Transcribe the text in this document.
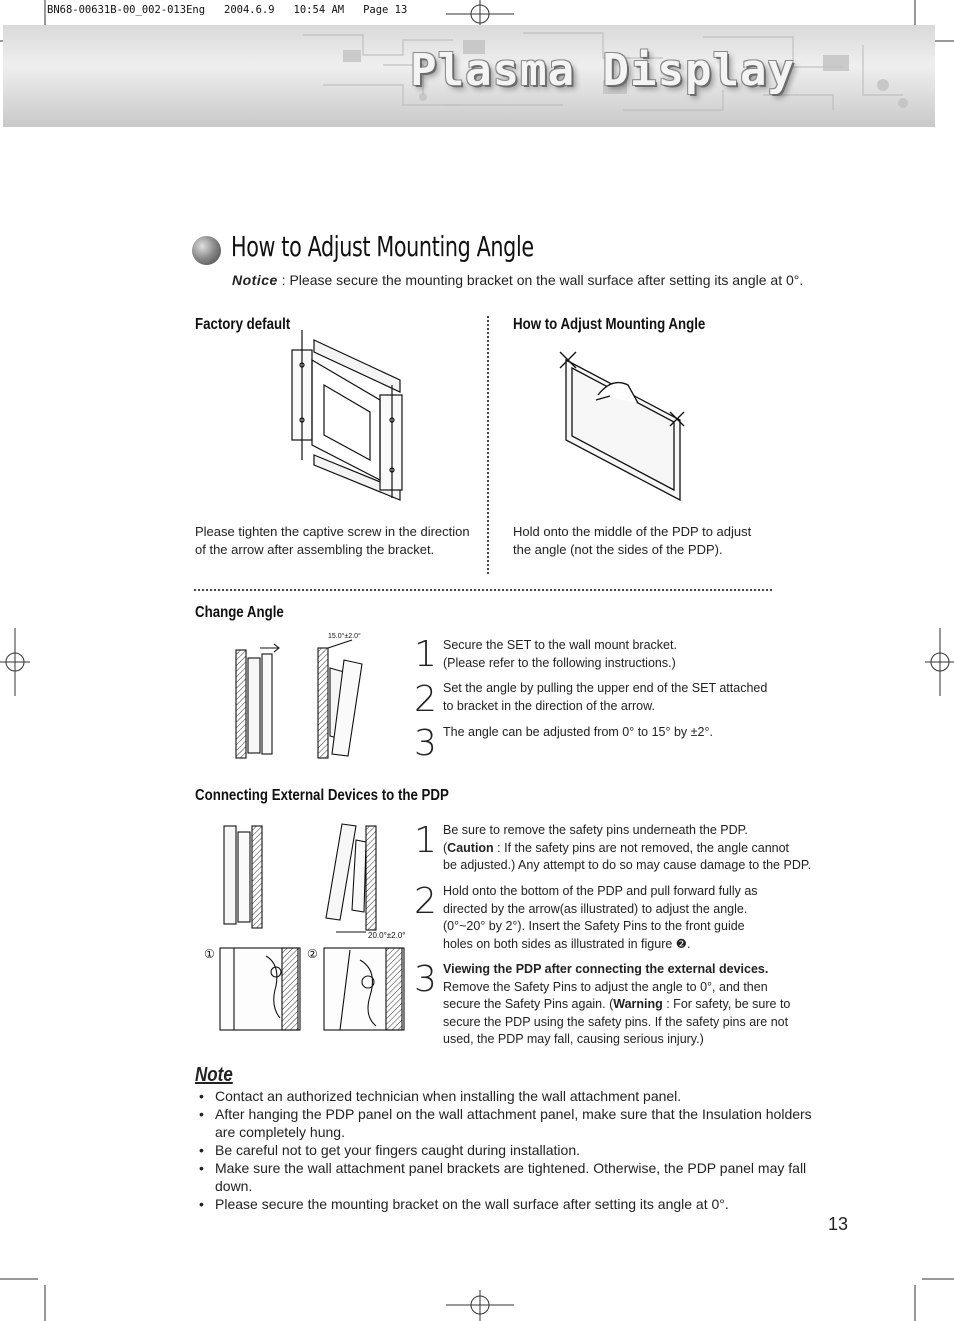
BN68-00631B-00_002-013Eng   2004.6.9   10:54 AM   Page 13
Plasma Display
How to Adjust Mounting Angle
Notice : Please secure the mounting bracket on the wall surface after setting its angle at 0°.
Factory default
Please tighten the captive screw in the direction
of the arrow after assembling the bracket.
How to Adjust Mounting Angle
Hold onto the middle of the PDP to adjust
the angle (not the sides of the PDP).
Change Angle
15.0°±2.0° 1 Secure the SET to the wall mount bracket.
(Please refer to the following instructions.)
2 Set the angle by pulling the upper end of the SET attached
to bracket in the direction of the arrow.
3 The angle can be adjusted from 0° to 15° by ±2°.
Connecting External Devices to the PDP
20.0°±2.0°
①	②
1 Be sure to remove the safety pins underneath the PDP.
(Caution : If the safety pins are not removed, the angle cannot
be adjusted.) Any attempt to do so may cause damage to the PDP.
2 Hold onto the bottom of the PDP and pull forward fully as
directed by the arrow(as illustrated) to adjust the angle.
(0°~20° by 2°). Insert the Safety Pins to the front guide
holes on both sides as illustrated in figure ❷.
3 Viewing the PDP after connecting the external devices.
Remove the Safety Pins to adjust the angle to 0°, and then
secure the Safety Pins again. (Warning : For safety, be sure to
secure the PDP using the safety pins. If the safety pins are not
used, the PDP may fall, causing serious injury.)
Note
• Contact an authorized technician when installing the wall attachment panel.
• After hanging the PDP panel on the wall attachment panel, make sure that the Insulation holders are completely hung.
• Be careful not to get your fingers caught during installation.
• Make sure the wall attachment panel brackets are tightened. Otherwise, the PDP panel may fall down.
• Please secure the mounting bracket on the wall surface after setting its angle at 0°.
13
